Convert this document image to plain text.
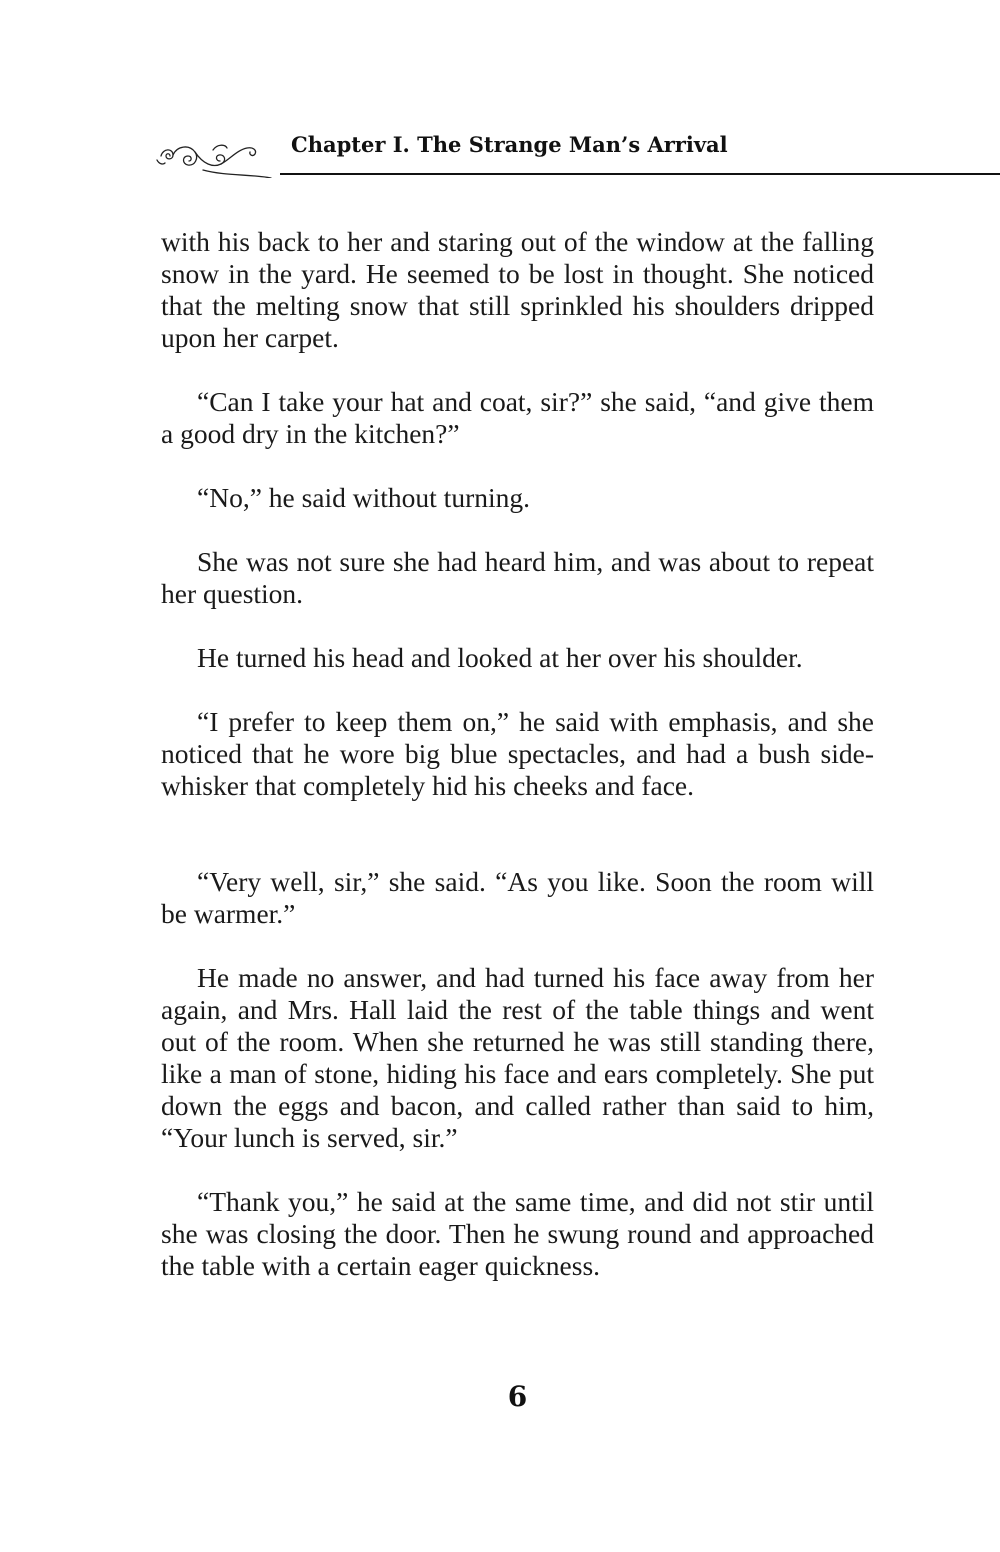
Chapter I. The Strange Man’s Arrival

with his back to her and staring out of the window at the falling snow in the yard. He seemed to be lost in thought. She noticed that the melting snow that still sprinkled his shoulders dripped upon her carpet.

“Can I take your hat and coat, sir?” she said, “and give them a good dry in the kitchen?”

“No,” he said without turning.

She was not sure she had heard him, and was about to repeat her question.

He turned his head and looked at her over his shoulder.

“I prefer to keep them on,” he said with emphasis, and she noticed that he wore big blue spectacles, and had a bush side-whisker that completely hid his cheeks and face.

“Very well, sir,” she said. “As you like. Soon the room will be warmer.”

He made no answer, and had turned his face away from her again, and Mrs. Hall laid the rest of the table things and went out of the room. When she returned he was still standing there, like a man of stone, hiding his face and ears completely. She put down the eggs and bacon, and called rather than said to him, “Your lunch is served, sir.”

“Thank you,” he said at the same time, and did not stir until she was closing the door. Then he swung round and approached the table with a certain eager quickness.

6
